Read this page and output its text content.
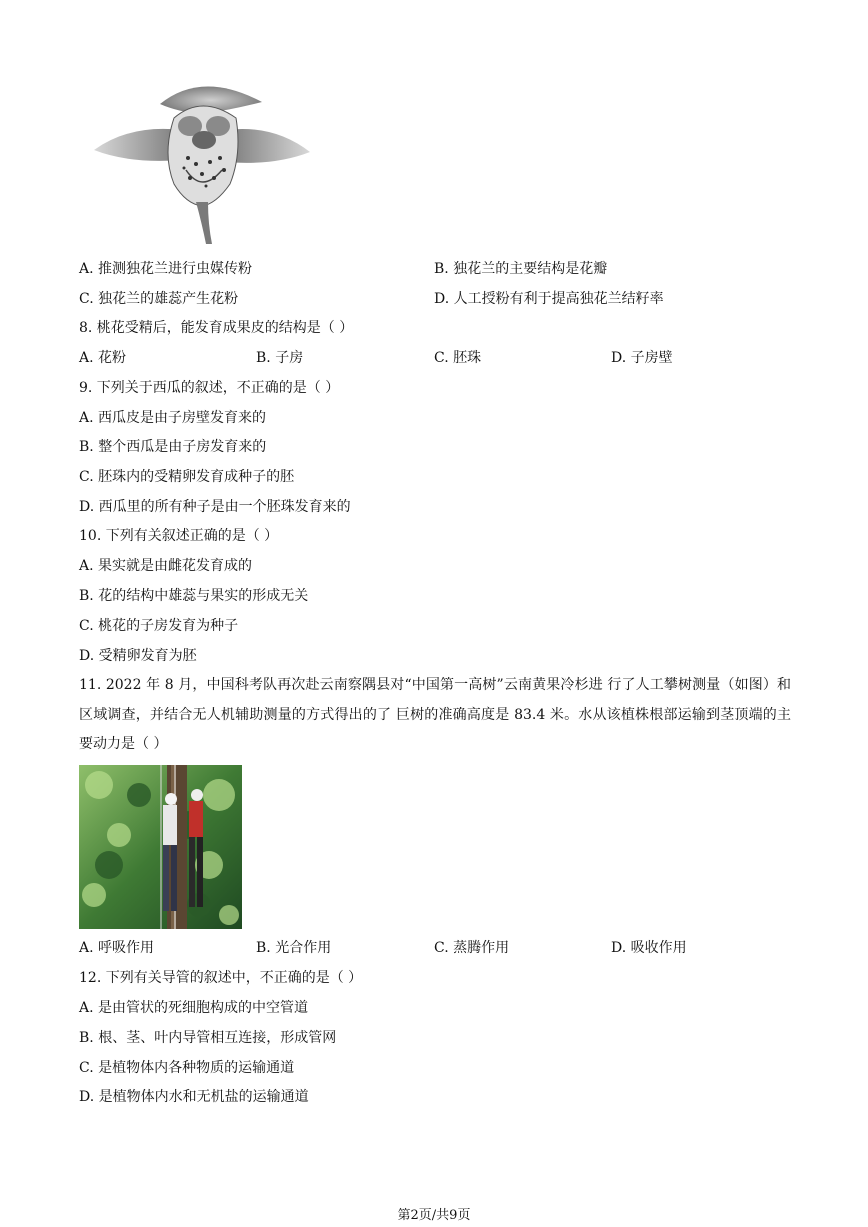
A. 推测独花兰进行虫媒传粉	B. 独花兰的主要结构是花瓣
C. 独花兰的雄蕊产生花粉	D. 人工授粉有利于提高独花兰结籽率
8. 桃花受精后，能发育成果皮的结构是（ ）
A. 花粉	B. 子房	C. 胚珠	D. 子房壁
9. 下列关于西瓜的叙述，不正确的是（ ）
A. 西瓜皮是由子房壁发育来的
B. 整个西瓜是由子房发育来的
C. 胚珠内的受精卵发育成种子的胚
D. 西瓜里的所有种子是由一个胚珠发育来的
10. 下列有关叙述正确的是（ ）
A. 果实就是由雌花发育成的
B. 花的结构中雄蕊与果实的形成无关
C. 桃花的子房发育为种子
D. 受精卵发育为胚
11. 2022 年 8 月，中国科考队再次赴云南察隅县对“中国第一高树”云南黄果冷杉进 行了人工攀树测量（如图）和区域调查，并结合无人机辅助测量的方式得出的了 巨树的准确高度是 83.4 米。水从该植株根部运输到茎顶端的主要动力是（ ）
A. 呼吸作用	B. 光合作用	C. 蒸腾作用	D. 吸收作用
12. 下列有关导管的叙述中，不正确的是（ ）
A. 是由管状的死细胞构成的中空管道
B. 根、茎、叶内导管相互连接，形成管网
C. 是植物体内各种物质的运输通道
D. 是植物体内水和无机盐的运输通道
第2页/共9页
